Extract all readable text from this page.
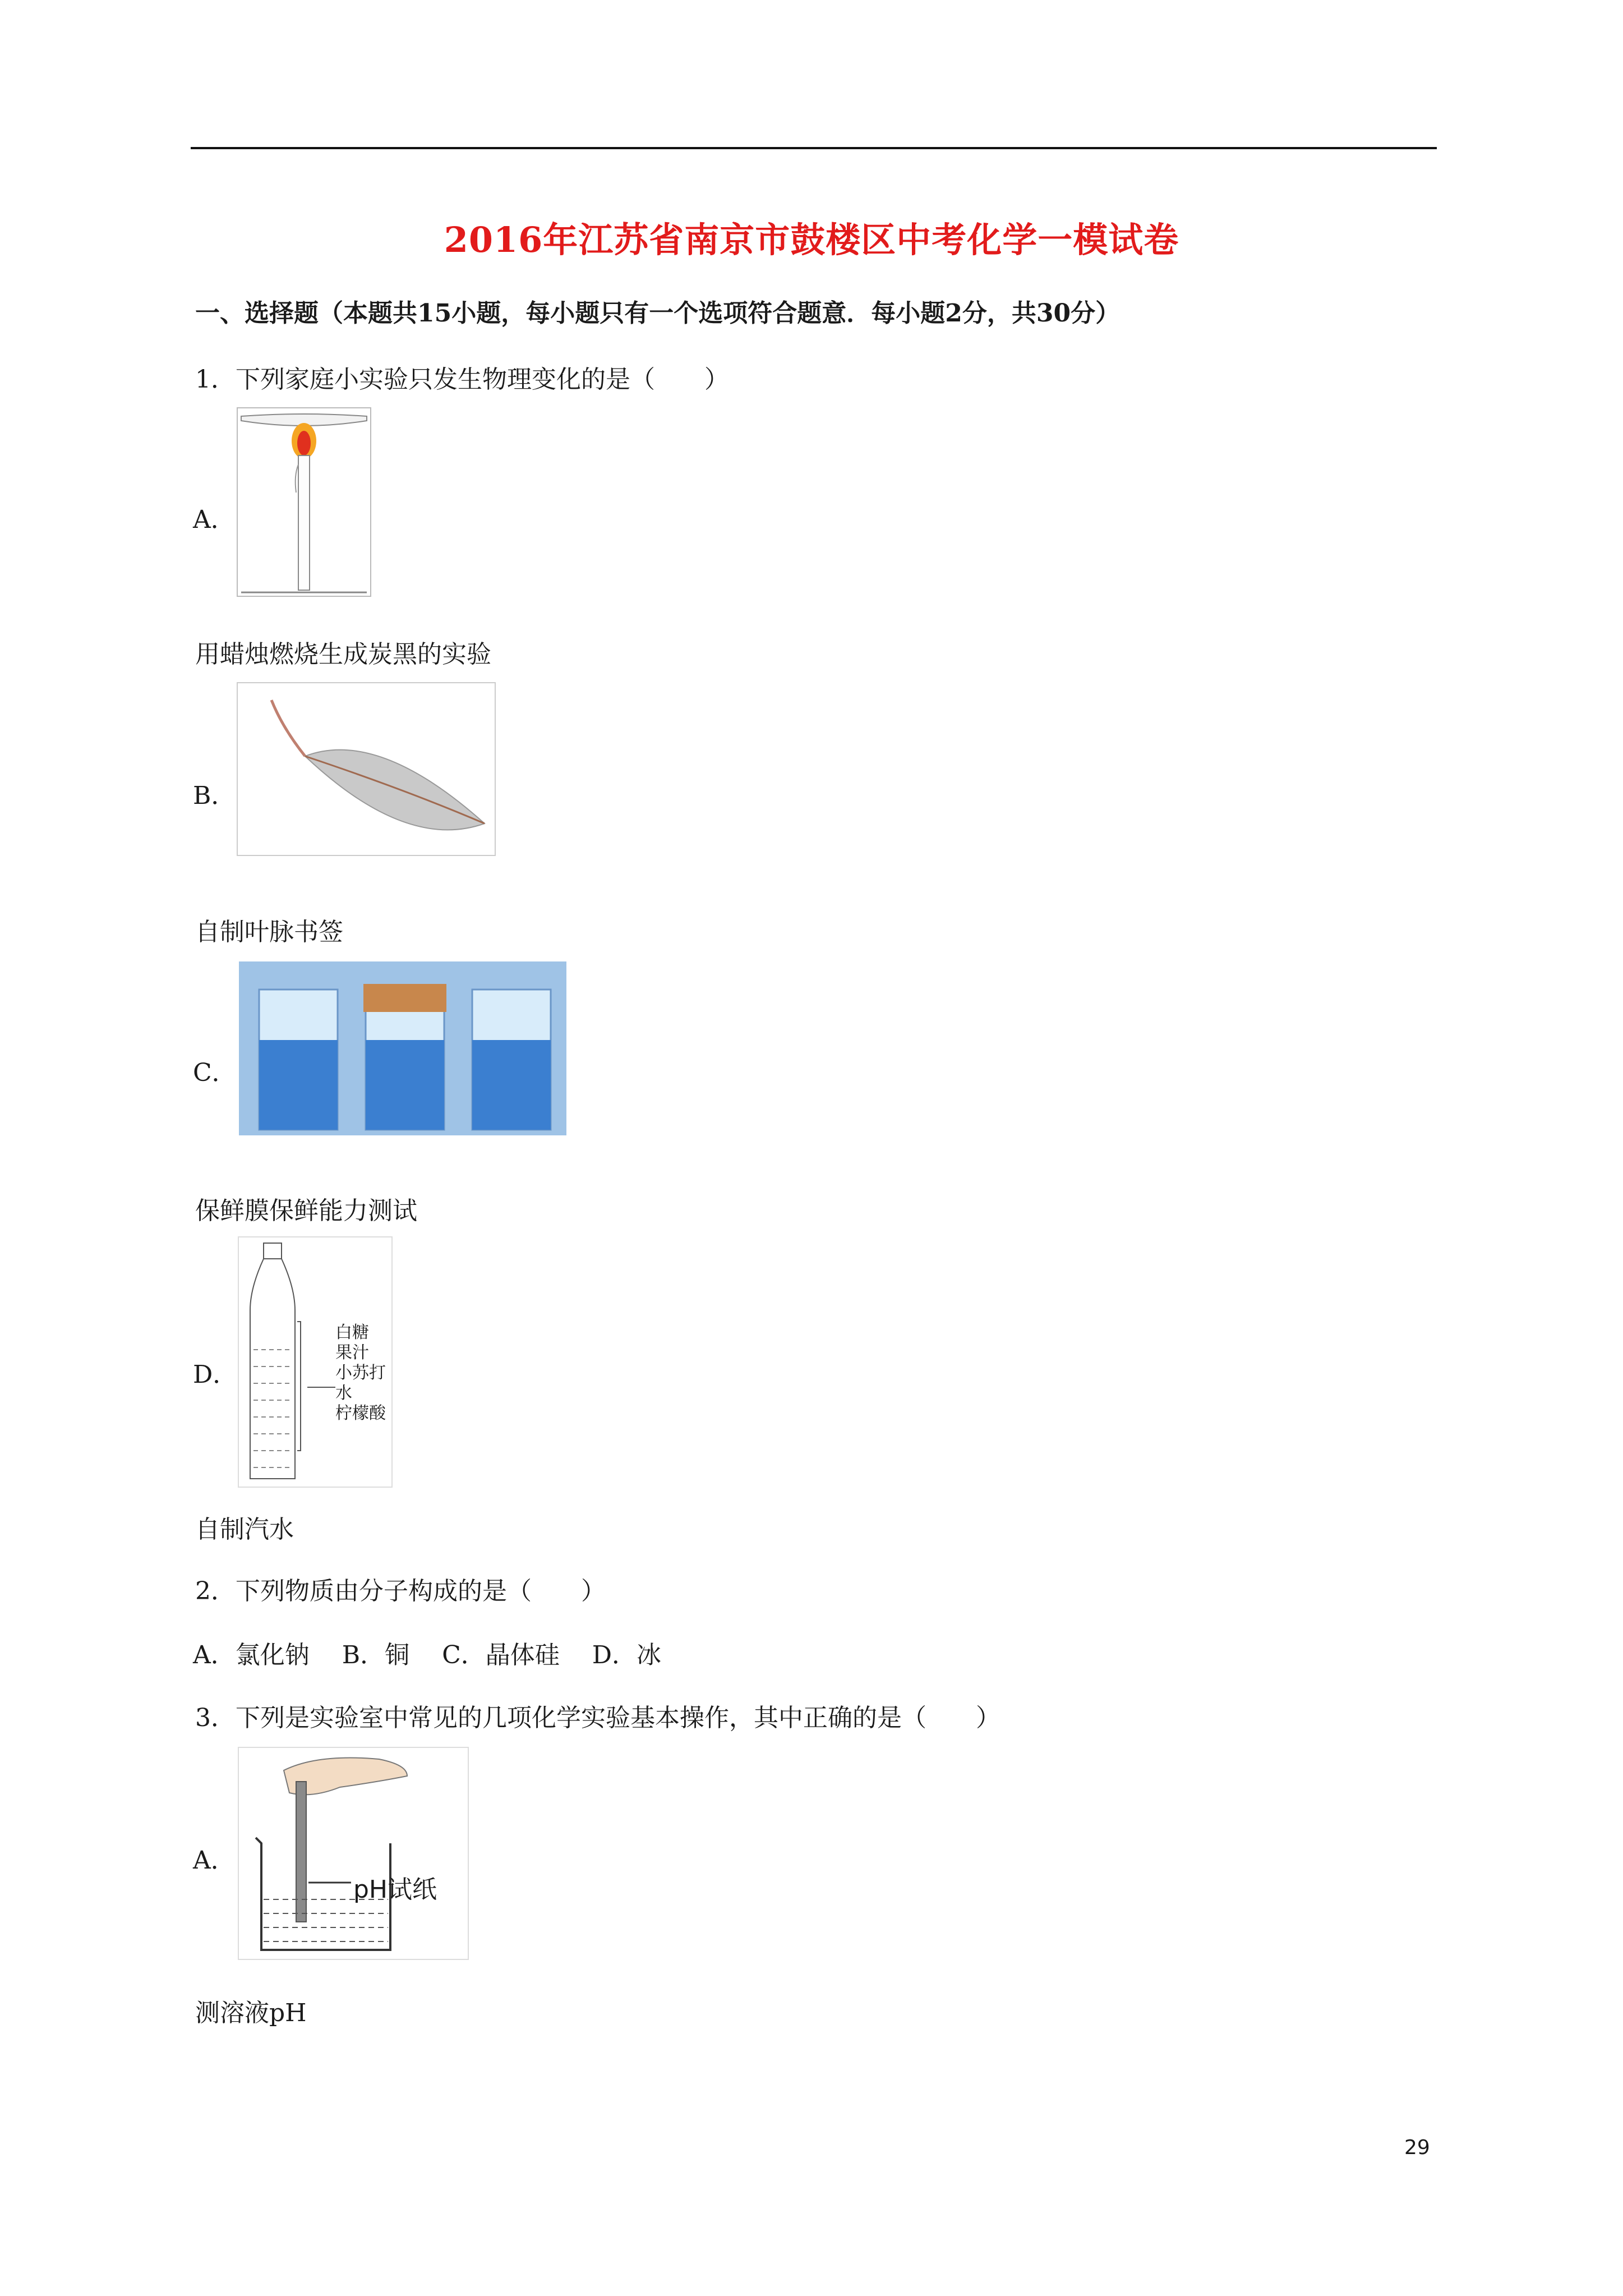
2016年江苏省南京市鼓楼区中考化学一模试卷
一、选择题（本题共15小题，每小题只有一个选项符合题意．每小题2分，共30分）
1．下列家庭小实验只发生物理变化的是（　　）
A．
用蜡烛燃烧生成炭黑的实验
B．
自制叶脉书签
C．
保鲜膜保鲜能力测试
D．
白糖
果汁
小苏打
水
柠檬酸
自制汽水
2．下列物质由分子构成的是（　　）
A．氯化钠　 B．铜　 C．晶体硅　 D．冰
3．下列是实验室中常见的几项化学实验基本操作，其中正确的是（　　）
A．
pH试纸
测溶液pH
29
